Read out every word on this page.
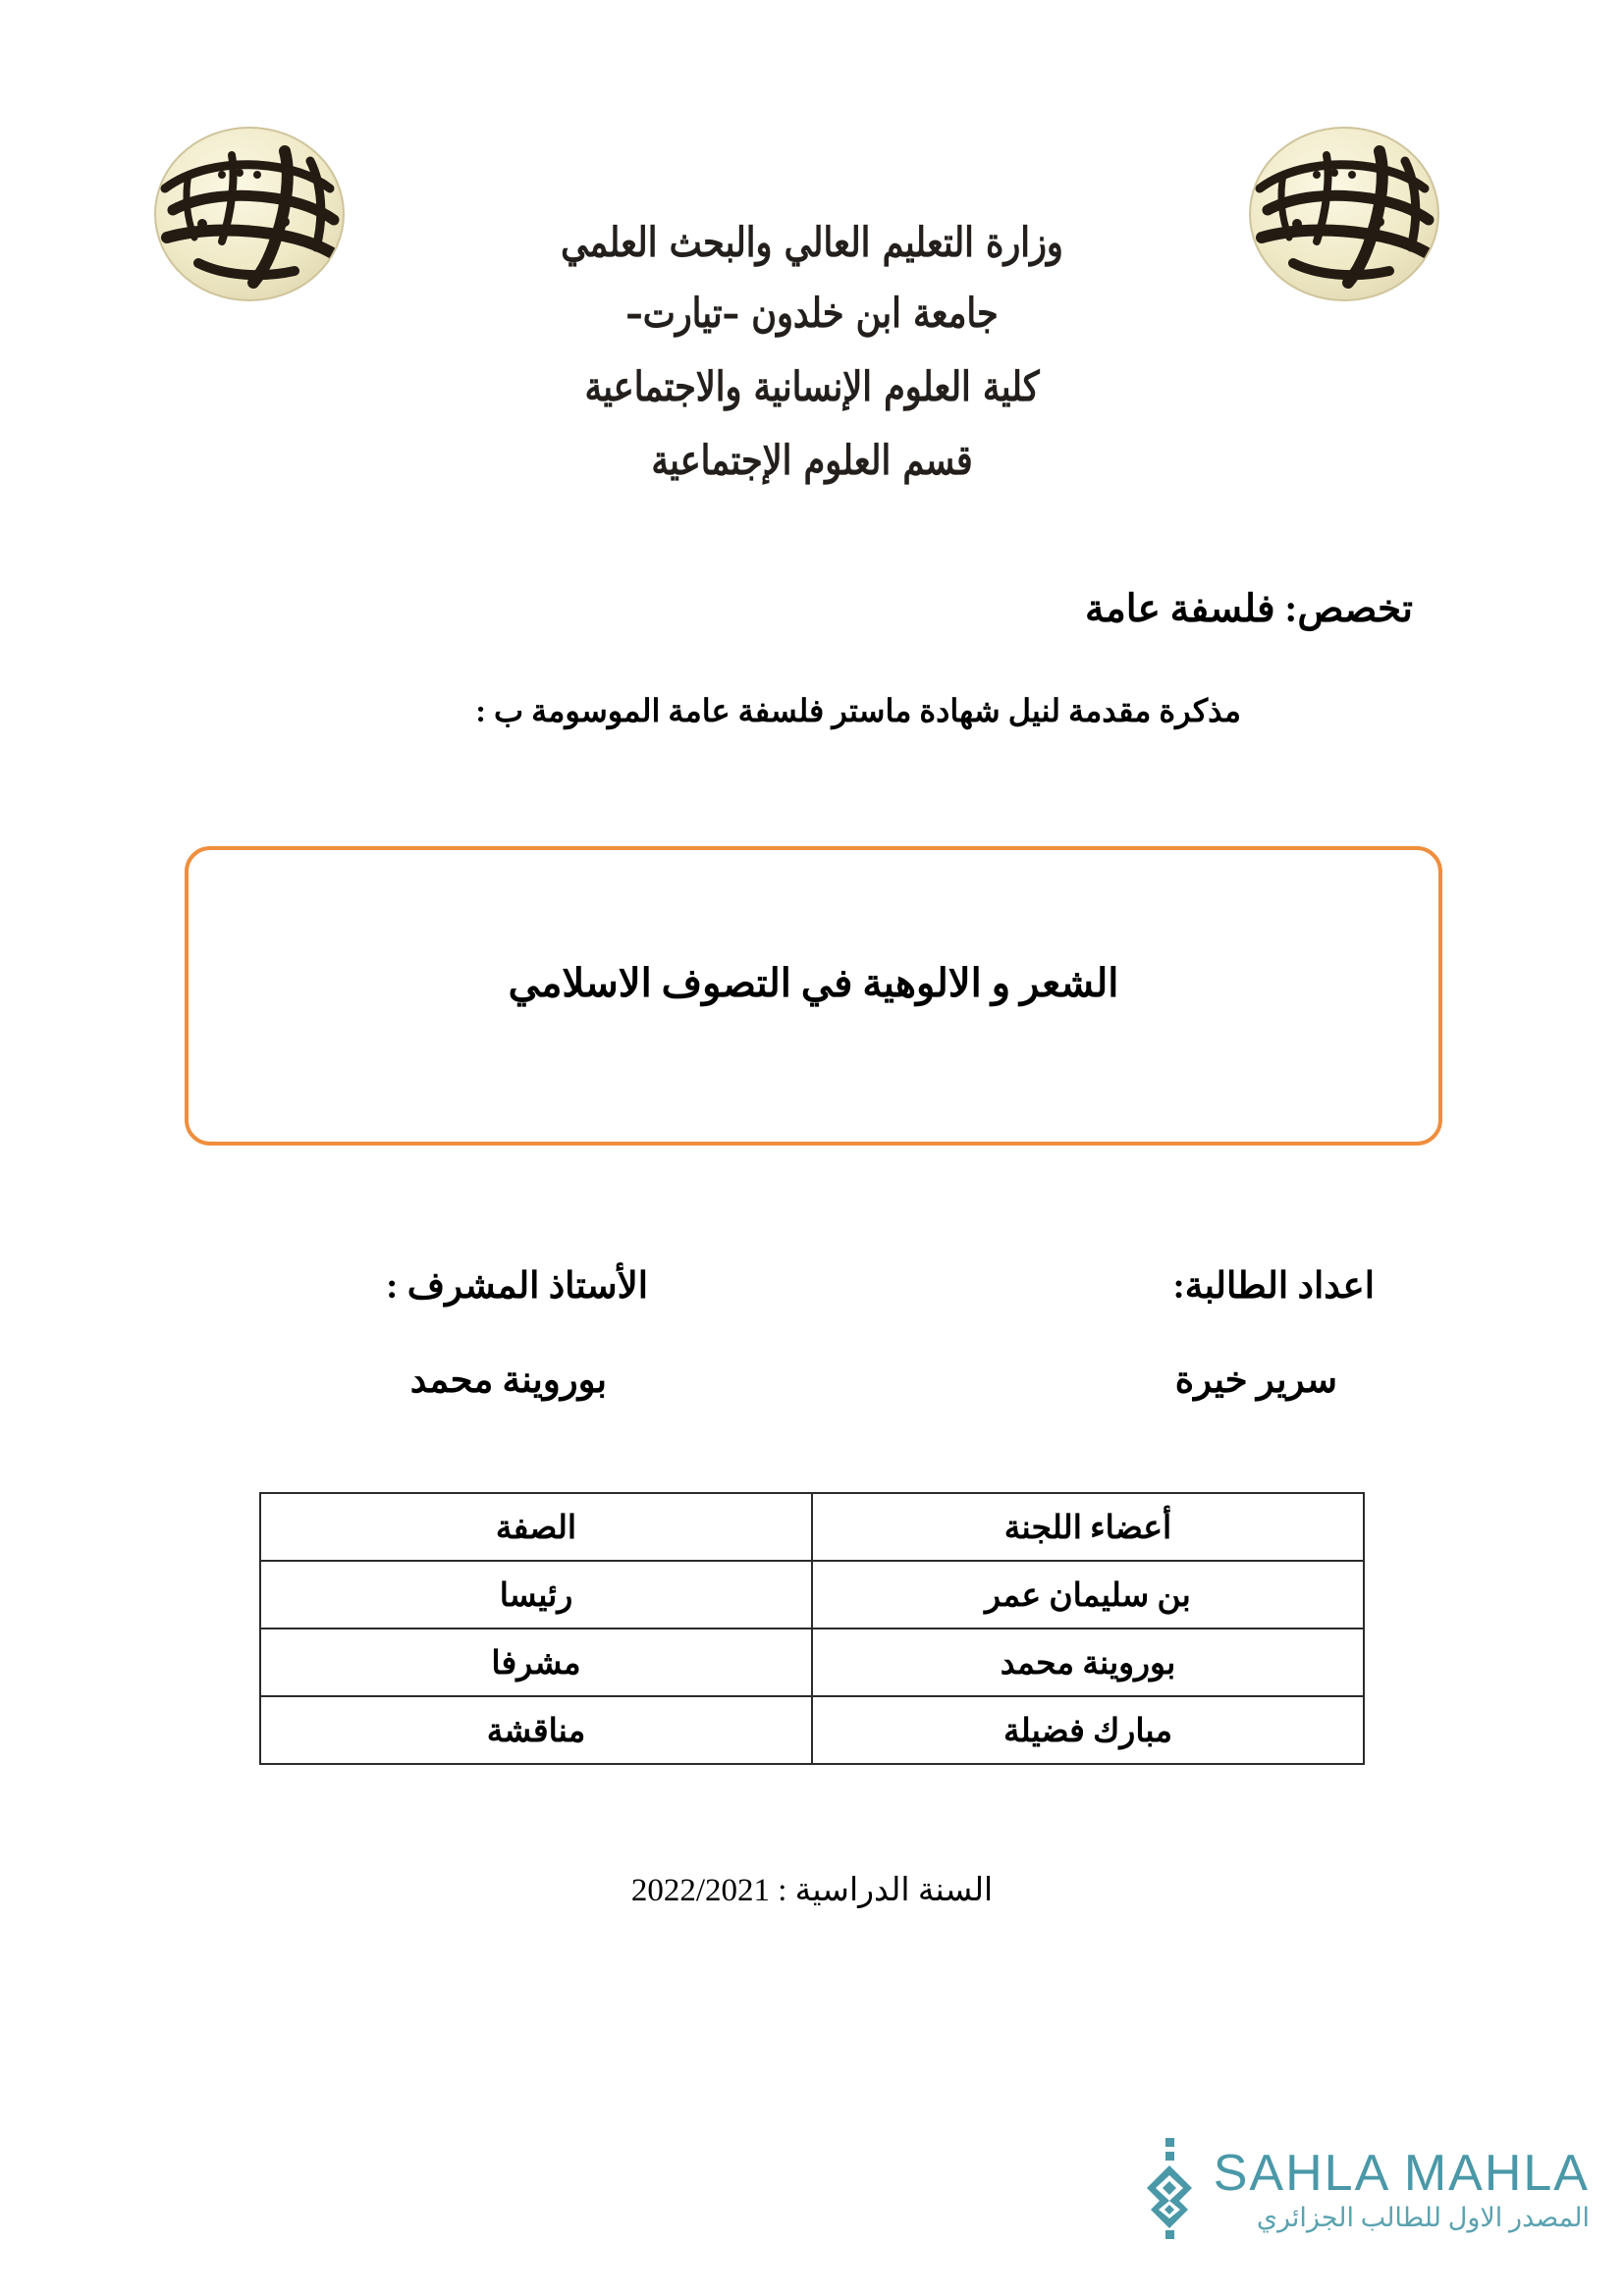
وزارة التعليم العالي والبحث العلمي
جامعة ابن خلدون –تيارت–
كلية العلوم الإنسانية والاجتماعية
قسم العلوم الإجتماعية
تخصص: فلسفة عامة
مذكرة مقدمة لنيل شهادة ماستر فلسفة عامة الموسومة ب :
الشعر و الالوهية في التصوف الاسلامي
اعداد الطالبة:
سرير خيرة
الأستاذ المشرف :
بوروينة محمد
أعضاء اللجنة	الصفة
بن سليمان عمر	رئيسا
بوروينة محمد	مشرفا
مبارك فضيلة	مناقشة
السنة الدراسية : 2022/2021
SAHLA MAHLA
المصدر الاول للطالب الجزائري
